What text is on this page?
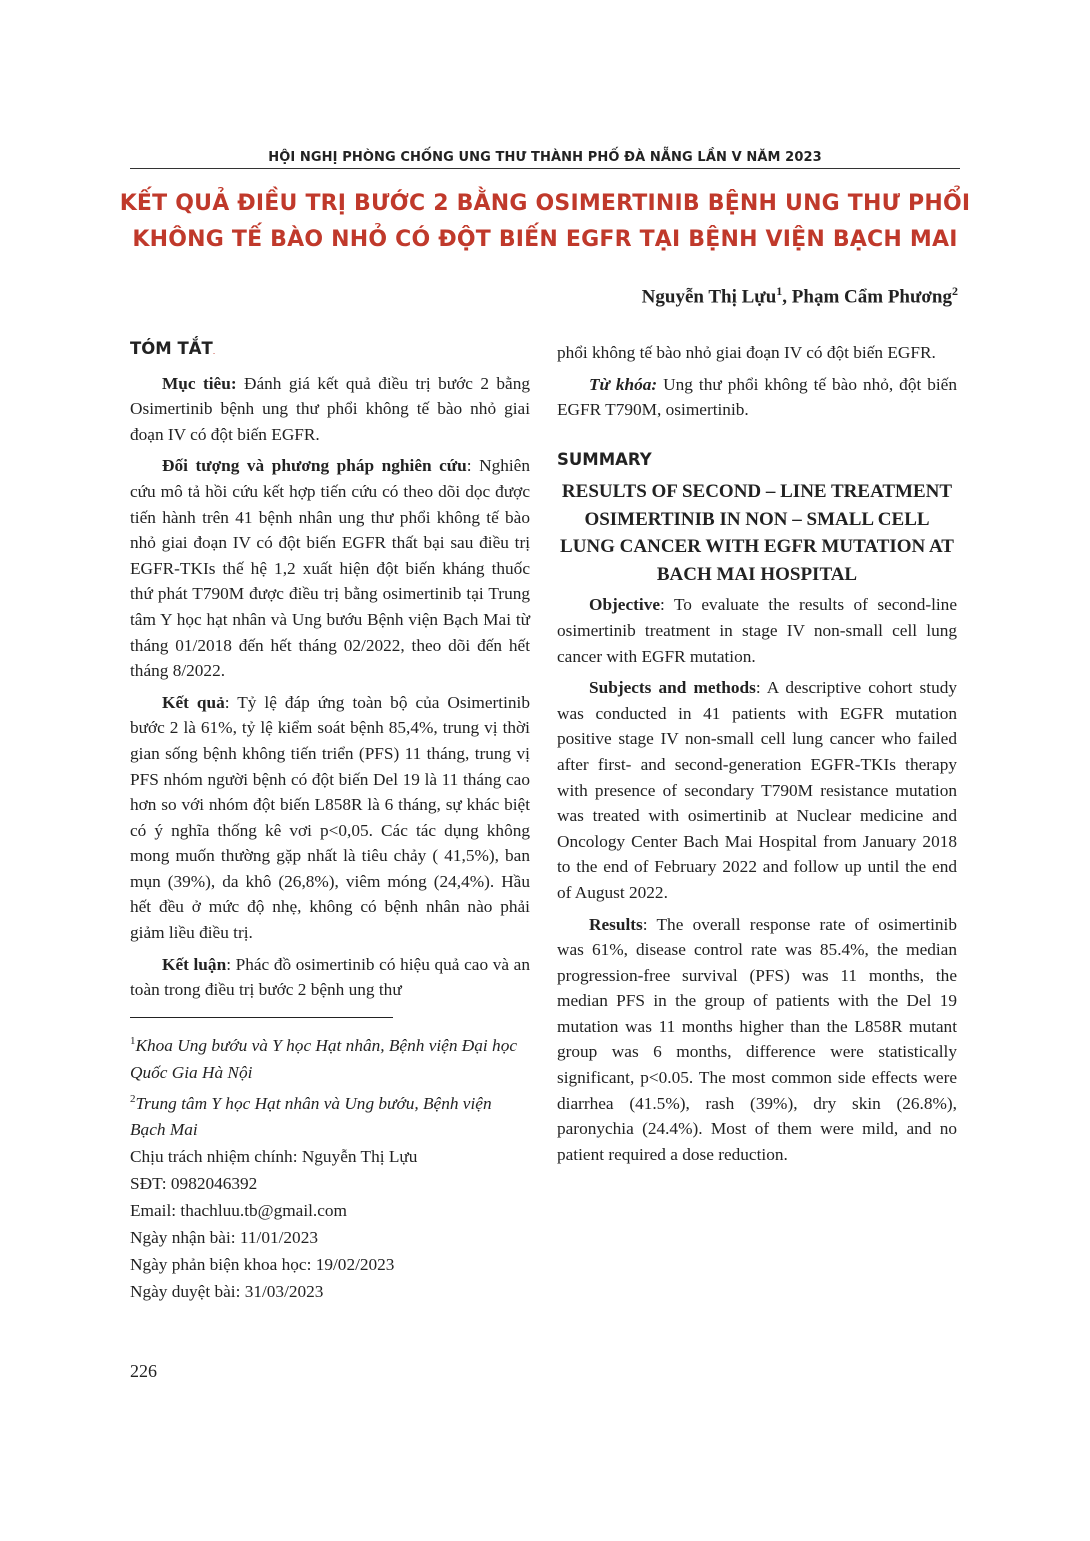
HỘI NGHỊ PHÒNG CHỐNG UNG THƯ THÀNH PHỐ ĐÀ NẴNG LẦN V NĂM 2023
KẾT QUẢ ĐIỀU TRỊ BƯỚC 2 BẰNG OSIMERTINIB BỆNH UNG THƯ PHỔI
KHÔNG TẾ BÀO NHỎ CÓ ĐỘT BIẾN EGFR TẠI BỆNH VIỆN BẠCH MAI
Nguyễn Thị Lựu$^1$, Phạm Cẩm Phương$^2$
TÓM TẮT.

Mục tiêu: Đánh giá kết quả điều trị bước 2 bằng Osimertinib bệnh ung thư phổi không tế bào nhỏ giai đoạn IV có đột biến EGFR.

Đối tượng và phương pháp nghiên cứu: Nghiên cứu mô tả hồi cứu kết hợp tiến cứu có theo dõi dọc được tiến hành trên 41 bệnh nhân ung thư phổi không tế bào nhỏ giai đoạn IV có đột biến EGFR thất bại sau điều trị EGFR-TKIs thế hệ 1,2 xuất hiện đột biến kháng thuốc thứ phát T790M được điều trị bằng osimertinib tại Trung tâm Y học hạt nhân và Ung bướu Bệnh viện Bạch Mai từ tháng 01/2018 đến hết tháng 02/2022, theo dõi đến hết tháng 8/2022.

Kết quả: Tỷ lệ đáp ứng toàn bộ của Osimertinib bước 2 là 61%, tỷ lệ kiểm soát bệnh 85,4%, trung vị thời gian sống bệnh không tiến triển (PFS) 11 tháng, trung vị PFS nhóm người bệnh có đột biến Del 19 là 11 tháng cao hơn so với nhóm đột biến L858R là 6 tháng, sự khác biệt có ý nghĩa thống kê vơi p<0,05. Các tác dụng không mong muốn thường gặp nhất là tiêu chảy ( 41,5%), ban mụn (39%), da khô (26,8%), viêm móng (24,4%). Hầu hết đều ở mức độ nhẹ, không có bệnh nhân nào phải giảm liều điều trị.

Kết luận: Phác đồ osimertinib có hiệu quả cao và an toàn trong điều trị bước 2 bệnh ung thư

$^1$Khoa Ung bướu và Y học Hạt nhân, Bệnh viện Đại học Quốc Gia Hà Nội

$^2$Trung tâm Y học Hạt nhân và Ung bướu, Bệnh viện Bạch Mai

Chịu trách nhiệm chính: Nguyễn Thị Lựu

SĐT: 0982046392

Email: thachluu.tb@gmail.com

Ngày nhận bài: 11/01/2023

Ngày phản biện khoa học: 19/02/2023

Ngày duyệt bài: 31/03/2023

phổi không tế bào nhỏ giai đoạn IV có đột biến EGFR.

Từ khóa: Ung thư phổi không tế bào nhỏ, đột biến EGFR T790M, osimertinib.

SUMMARY
RESULTS OF SECOND – LINE TREATMENT OSIMERTINIB IN NON – SMALL CELL LUNG CANCER WITH EGFR MUTATION AT BACH MAI HOSPITAL

Objective: To evaluate the results of second-line osimertinib treatment in stage IV non-small cell lung cancer with EGFR mutation.

Subjects and methods: A descriptive cohort study was conducted in 41 patients with EGFR mutation positive stage IV non-small cell lung cancer who failed after first- and second-generation EGFR-TKIs therapy with presence of secondary T790M resistance mutation was treated with osimertinib at Nuclear medicine and Oncology Center Bach Mai Hospital from January 2018 to the end of February 2022 and follow up until the end of August 2022.

Results: The overall response rate of osimertinib was 61%, disease control rate was 85.4%, the median progression-free survival (PFS) was 11 months, the median PFS in the group of patients with the Del 19 mutation was 11 months higher than the L858R mutant group was 6 months, difference were statistically significant, p<0.05. The most common side effects were diarrhea (41.5%), rash (39%), dry skin (26.8%), paronychia (24.4%). Most of them were mild, and no patient required a dose reduction.

226
